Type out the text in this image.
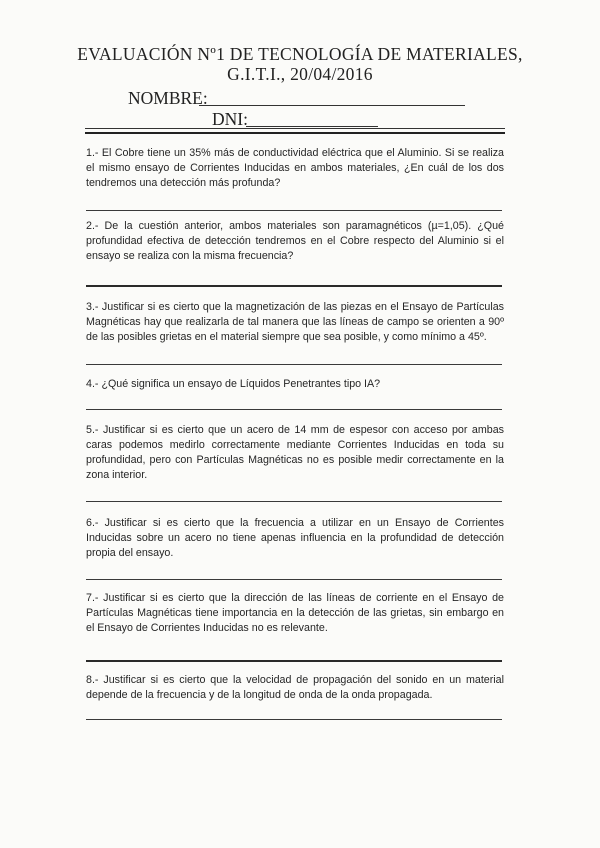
EVALUACIÓN Nº1 DE TECNOLOGÍA DE MATERIALES,
G.I.T.I., 20/04/2016
NOMBRE:
DNI:
1.- El Cobre tiene un 35% más de conductividad eléctrica que el Aluminio. Si se realiza el mismo ensayo de Corrientes Inducidas en ambos materiales, ¿En cuál de los dos tendremos una detección más profunda?
2.- De la cuestión anterior, ambos materiales son paramagnéticos (µ=1,05). ¿Qué profundidad efectiva de detección tendremos en el Cobre respecto del Aluminio si el ensayo se realiza con la misma frecuencia?
3.- Justificar si es cierto que la magnetización de las piezas en el Ensayo de Partículas Magnéticas hay que realizarla de tal manera que las líneas de campo se orienten a 90º de las posibles grietas en el material siempre que sea posible, y como mínimo a 45º.
4.- ¿Qué significa un ensayo de Líquidos Penetrantes tipo IA?
5.- Justificar si es cierto que un acero de 14 mm de espesor con acceso por ambas caras podemos medirlo correctamente mediante Corrientes Inducidas en toda su profundidad, pero con Partículas Magnéticas no es posible medir correctamente en la zona interior.
6.- Justificar si es cierto que la frecuencia a utilizar en un Ensayo de Corrientes Inducidas sobre un acero no tiene apenas influencia en la profundidad de detección propia del ensayo.
7.- Justificar si es cierto que la dirección de las líneas de corriente en el Ensayo de Partículas Magnéticas tiene importancia en la detección de las grietas, sin embargo en el Ensayo de Corrientes Inducidas no es relevante.
8.- Justificar si es cierto que la velocidad de propagación del sonido en un material depende de la frecuencia y de la longitud de onda de la onda propagada.
